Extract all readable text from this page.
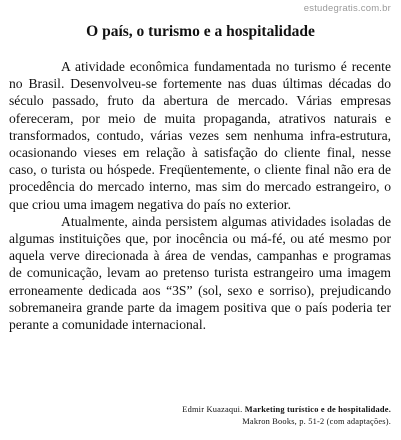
estudegratis.com.br
O país, o turismo e a hospitalidade

A atividade econômica fundamentada no turismo é recente no Brasil. Desenvolveu-se fortemente nas duas últimas décadas do século passado, fruto da abertura de mercado. Várias empresas ofereceram, por meio de muita propaganda, atrativos naturais e transformados, contudo, várias vezes sem nenhuma infra-estrutura, ocasionando vieses em relação à satisfação do cliente final, nesse caso, o turista ou hóspede. Freqüentemente, o cliente final não era de procedência do mercado interno, mas sim do mercado estrangeiro, o que criou uma imagem negativa do país no exterior.

Atualmente, ainda persistem algumas atividades isoladas de algumas instituições que, por inocência ou má-fé, ou até mesmo por aquela verve direcionada à área de vendas, campanhas e programas de comunicação, levam ao pretenso turista estrangeiro uma imagem erroneamente dedicada aos “3S” (sol, sexo e sorriso), prejudicando sobremaneira grande parte da imagem positiva que o país poderia ter perante a comunidade internacional.

Edmir Kuazaqui. Marketing turístico e de hospitalidade.
Makron Books, p. 51-2 (com adaptações).
